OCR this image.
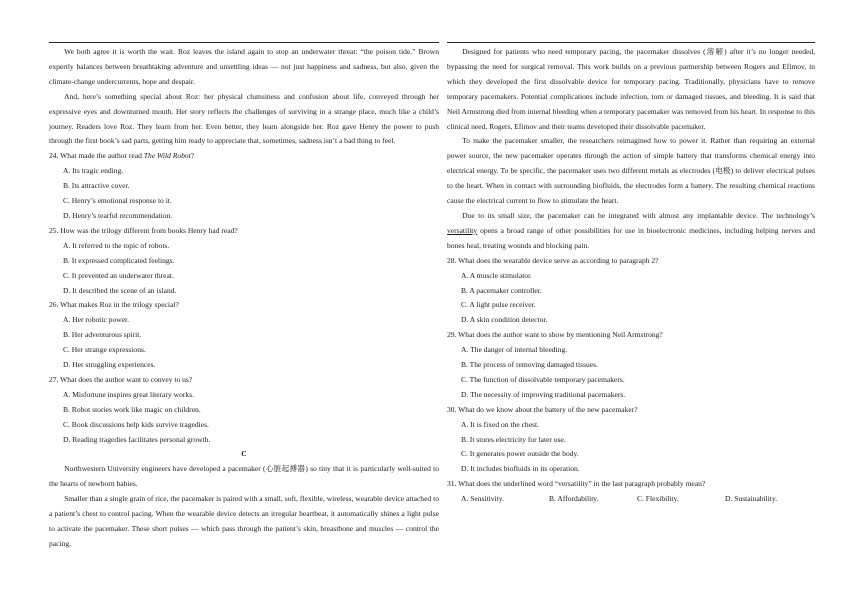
We both agree it is worth the wait. Roz leaves the island again to stop an underwater threat: “the poison tide.” Brown expertly balances between breathtaking adventure and unsettling ideas — not just happiness and sadness, but also, given the climate-change undercurrents, hope and despair.

And, here’s something special about Roz: her physical clumsiness and confusion about life, conveyed through her expressive eyes and downturned mouth. Her story reflects the challenges of surviving in a strange place, much like a child’s journey. Readers love Roz. They learn from her. Even better, they learn alongside her. Roz gave Henry the power to push through the first book’s sad parts, getting him ready to appreciate that, sometimes, sadness isn’t a bad thing to feel.

24. What made the author read The Wild Robot?

A. Its tragic ending.

B. Its attractive cover.

C. Henry’s emotional response to it.

D. Henry’s tearful recommendation.

25. How was the trilogy different from books Henry had read?

A. It referred to the topic of robots.

B. It expressed complicated feelings.

C. It prevented an underwater threat.

D. It described the scene of an island.

26. What makes Roz in the trilogy special?

A. Her robotic power.

B. Her adventurous spirit.

C. Her strange expressions.

D. Her struggling experiences.

27. What does the author want to convey to us?

A. Misfortune inspires great literary works.

B. Robot stories work like magic on children.

C. Book discussions help kids survive tragedies.

D. Reading tragedies facilitates personal growth.

C

Northwestern University engineers have developed a pacemaker (心脏起搏器) so tiny that it is particularly well-suited to the hearts of newborn babies.

Smaller than a single grain of rice, the pacemaker is paired with a small, soft, flexible, wireless, wearable device attached to a patient’s chest to control pacing. When the wearable device detects an irregular heartbeat, it automatically shines a light pulse to activate the pacemaker. These short pulses — which pass through the patient’s skin, breastbone and muscles — control the pacing.

Designed for patients who need temporary pacing, the pacemaker dissolves (溶解) after it’s no longer needed, bypassing the need for surgical removal. This work builds on a previous partnership between Rogers and Efimov, in which they developed the first dissolvable device for temporary pacing. Traditionally, physicians have to remove temporary pacemakers. Potential complications include infection, torn or damaged tissues, and bleeding. It is said that Neil Armstrong died from internal bleeding when a temporary pacemaker was removed from his heart. In response to this clinical need, Rogers, Efimov and their teams developed their dissolvable pacemaker.

To make the pacemaker smaller, the researchers reimagined how to power it. Rather than requiring an external power source, the new pacemaker operates through the action of simple battery that transforms chemical energy into electrical energy. To be specific, the pacemaker uses two different metals as electrodes (电极) to deliver electrical pulses to the heart. When in contact with surrounding biofluids, the electrodes form a battery. The resulting chemical reactions cause the electrical current to flow to stimulate the heart.

Due to its small size, the pacemaker can be integrated with almost any implantable device. The technology’s versatility opens a broad range of other possibilities for use in bioelectronic medicines, including helping nerves and bones heal, treating wounds and blocking pain.

28. What does the wearable device serve as according to paragraph 2?

A. A muscle stimulator.

B. A pacemaker controller.

C. A light pulse receiver.

D. A skin condition detector.

29. What does the author want to show by mentioning Neil Armstrong?

A. The danger of internal bleeding.

B. The process of removing damaged tissues.

C. The function of dissolvable temporary pacemakers.

D. The necessity of improving traditional pacemakers.

30. What do we know about the battery of the new pacemaker?

A. It is fixed on the chest.

B. It stores electricity for later use.

C. It generates power outside the body.

D. It includes biofluids in its operation.

31. What does the underlined word “versatility” in the last paragraph probably mean?

A. Sensitivity.	B. Affordability.	C. Flexibility.	D. Sustainability.
